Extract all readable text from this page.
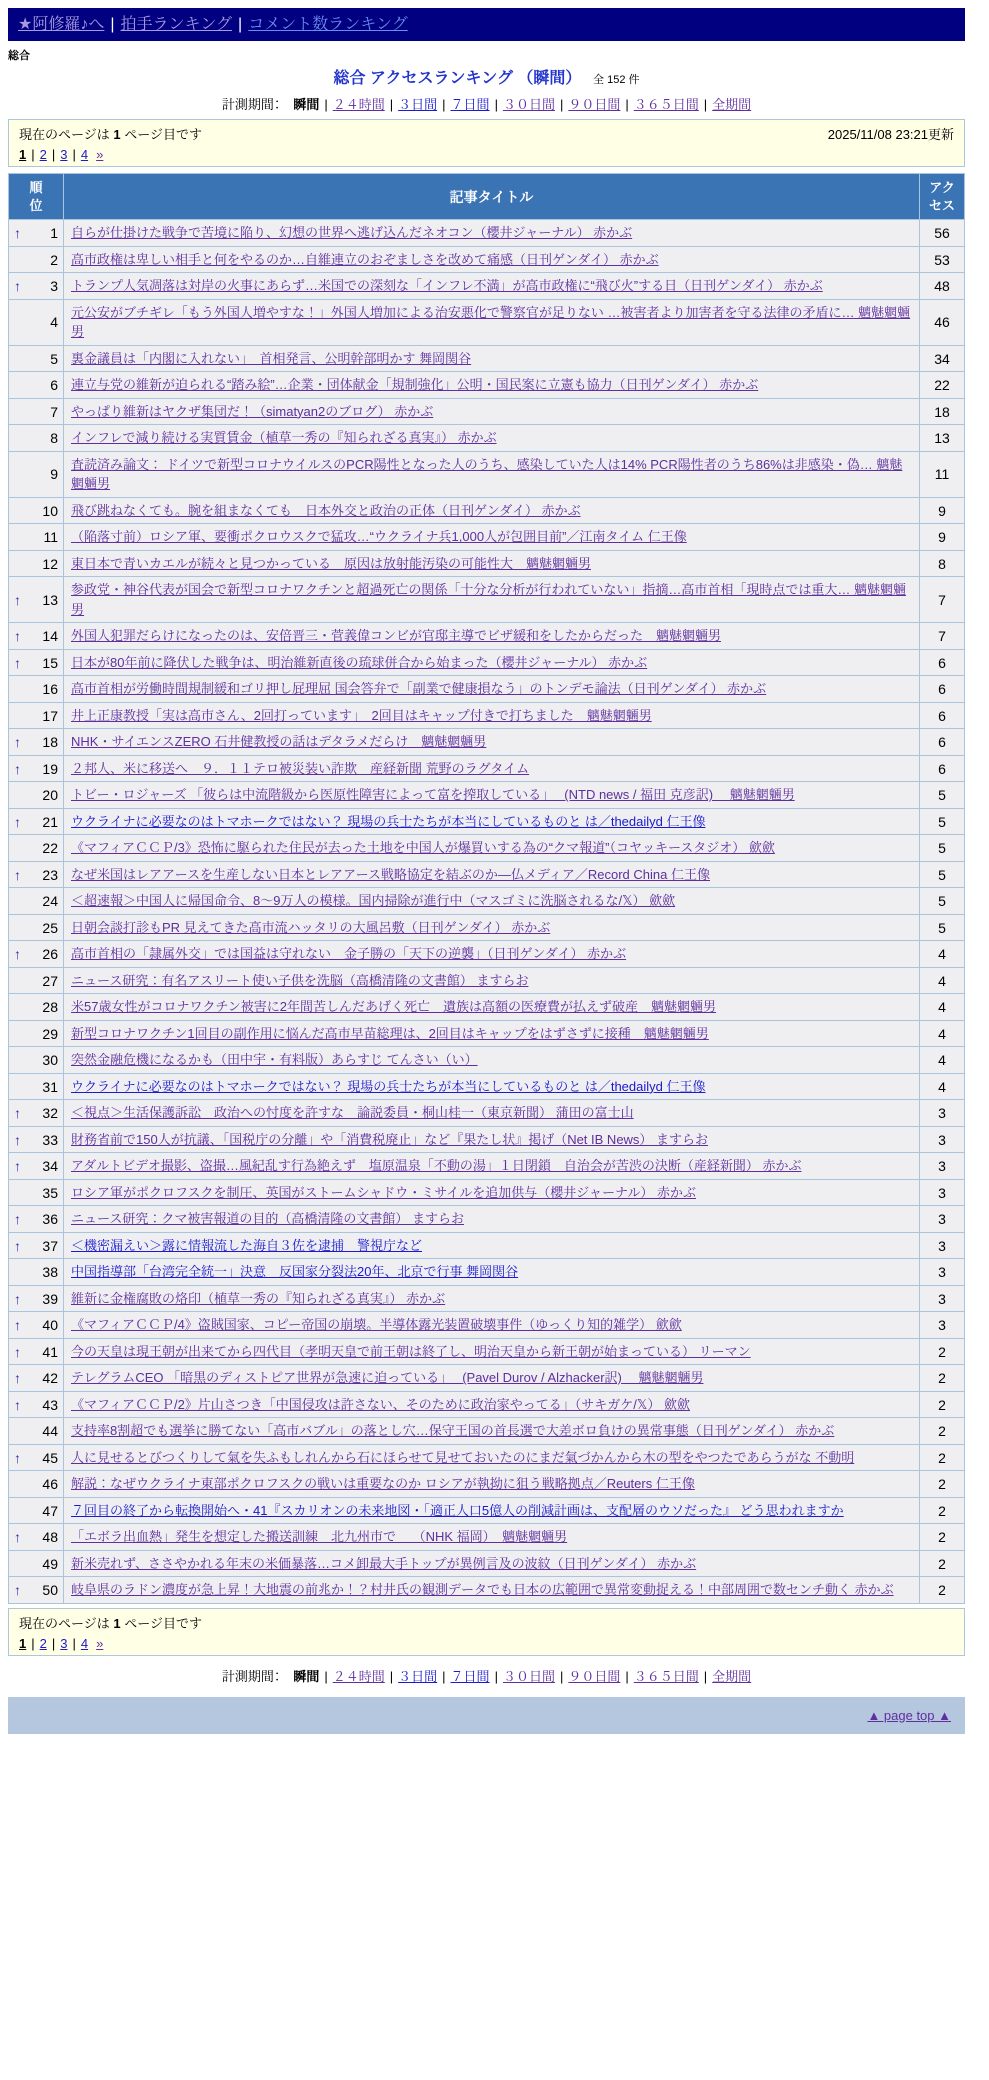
★阿修羅♪へ | 拍手ランキング | コメント数ランキング
総合
総合 アクセスランキング （瞬間） 全 152 件
計測期間：　瞬間 | ２４時間 | ３日間 | ７日間 | ３０日間 | ９０日間 | ３６５日間 | 全期間
2025/11/08 23:21更新
現在のページは 1 ページ目です
1 | 2 | 3 | 4 »
順位	記事タイトル	アクセス

↑ 1	自らが仕掛けた戦争で苦境に陥り、幻想の世界へ逃げ込んだネオコン（櫻井ジャーナル） 赤かぶ	56

2	高市政権は卑しい相手と何をやるのか…自維連立のおぞましさを改めて痛感（日刊ゲンダイ） 赤かぶ	53

↑ 3	トランプ人気凋落は対岸の火事にあらず…米国での深刻な「インフレ不満」が高市政権に“飛び火”する日（日刊ゲンダイ） 赤かぶ	48

4	元公安がブチギレ「もう外国人増やすな！」外国人増加による治安悪化で警察官が足りない …被害者より加害者を守る法律の矛盾に… 魑魅魍魎男	46

5	裏金議員は「内閣に入れない」　首相発言、公明幹部明かす 舞岡関谷	34

6	連立与党の維新が迫られる“踏み絵”…企業・団体献金「規制強化」公明・国民案に立憲も協力（日刊ゲンダイ） 赤かぶ	22

7	やっぱり維新はヤクザ集団だ！（simatyan2のブログ） 赤かぶ	18

8	インフレで減り続ける実質賃金（植草一秀の『知られざる真実』） 赤かぶ	13

9	査読済み論文： ドイツで新型コロナウイルスのPCR陽性となった人のうち、感染していた人は14% PCR陽性者のうち86%は非感染・偽… 魑魅魍魎男	11

10	飛び跳ねなくても。腕を組まなくても　日本外交と政治の正体（日刊ゲンダイ） 赤かぶ	9

11	（陥落寸前）ロシア軍、要衝ポクロウスクで猛攻…“ウクライナ兵1,000人が包囲目前”／江南タイム 仁王像	9

12	東日本で青いカエルが続々と見つかっている　原因は放射能汚染の可能性大　魑魅魍魎男	8

↑ 13	参政党・神谷代表が国会で新型コロナワクチンと超過死亡の関係「十分な分析が行われていない」指摘…高市首相「現時点では重大… 魑魅魍魎男	7

↑ 14	外国人犯罪だらけになったのは、安倍晋三・菅義偉コンビが官邸主導でビザ緩和をしたからだった　魑魅魍魎男	7

↑ 15	日本が80年前に降伏した戦争は、明治維新直後の琉球併合から始まった（櫻井ジャーナル） 赤かぶ	6

16	高市首相が労働時間規制緩和ゴリ押し屁理屈 国会答弁で「副業で健康損なう」のトンデモ論法（日刊ゲンダイ） 赤かぶ	6

17	井上正康教授「実は高市さん、2回打っています」　2回目はキャップ付きで打ちました　魑魅魍魎男	6

↑ 18	NHK・サイエンスZERO 石井健教授の話はデタラメだらけ　魑魅魍魎男	6

↑ 19	２邦人、米に移送へ　９．１１テロ被災装い詐欺　産経新聞 荒野のラグタイム	6

20	トビー・ロジャーズ 「彼らは中流階級から医原性障害によって富を搾取している」　 (NTD news / 福田 克彦訳)　 魑魅魍魎男	5

↑ 21	ウクライナに必要なのはトマホークではない？ 現場の兵士たちが本当にしているものと は／thedailyd 仁王像	5

22	《マフィアＣＣＰ/3》恐怖に駆られた住民が去った土地を中国人が爆買いする為の“クマ報道”（コヤッキースタジオ） 歛歛	5

↑ 23	なぜ米国はレアアースを生産しない日本とレアアース戦略協定を結ぶのか―仏メディア／Record China 仁王像	5

24	＜超速報＞中国人に帰国命令、8～9万人の模様。国内掃除が進行中（マスゴミに洗脳されるな/𝕏） 歛歛	5

25	日朝会談打診もPR 見えてきた高市流ハッタリの大風呂敷（日刊ゲンダイ） 赤かぶ	5

↑ 26	高市首相の「隷属外交」では国益は守れない　金子勝の「天下の逆襲」（日刊ゲンダイ） 赤かぶ	4

27	ニュース研究：有名アスリート使い子供を洗脳（高橋清隆の文書館） ますらお	4

28	米57歳女性がコロナワクチン被害に2年間苦しんだあげく死亡　遺族は高額の医療費が払えず破産　魑魅魍魎男	4

29	新型コロナワクチン1回目の副作用に悩んだ高市早苗総理は、2回目はキャップをはずさずに接種　魑魅魍魎男	4

30	突然金融危機になるかも（田中宇・有料版）あらすじ てんさい（い）	4

31	ウクライナに必要なのはトマホークではない？ 現場の兵士たちが本当にしているものと は／thedailyd 仁王像	4

↑ 32	＜視点＞生活保護訴訟　政治への忖度を許すな　論説委員・桐山桂一（東京新聞） 蒲田の富士山	3

↑ 33	財務省前で150人が抗議、「国税庁の分離」や「消費税廃止」など『果たし状』掲げ（Net IB News） ますらお	3

↑ 34	アダルトビデオ撮影、盗撮…風紀乱す行為絶えず　塩原温泉「不動の湯」１日閉鎖　自治会が苦渋の決断（産経新聞） 赤かぶ	3

35	ロシア軍がポクロフスクを制圧、英国がストームシャドウ・ミサイルを追加供与（櫻井ジャーナル） 赤かぶ	3

↑ 36	ニュース研究：クマ被害報道の目的（高橋清隆の文書館） ますらお	3

↑ 37	＜機密漏えい＞露に情報流した海自３佐を逮捕　警視庁など	3

38	中国指導部「台湾完全統一」決意　反国家分裂法20年、北京で行事 舞岡関谷	3

↑ 39	維新に金権腐敗の烙印（植草一秀の『知られざる真実』） 赤かぶ	3

↑ 40	《マフィアＣＣＰ/4》盗賊国家、コピー帝国の崩壊。半導体露光装置破壊事件（ゆっくり知的雑学） 歛歛	3

↑ 41	今の天皇は現王朝が出来てから四代目（孝明天皇で前王朝は終了し、明治天皇から新王朝が始まっている） リーマン	2

↑ 42	テレグラムCEO 「暗黒のディストピア世界が急速に迫っている」　 (Pavel Durov / Alzhacker訳)　 魑魅魍魎男	2

↑ 43	《マフィアＣＣＰ/2》片山さつき「中国侵攻は許さない、そのために政治家やってる」（サキガケ/𝕏） 歛歛	2

44	支持率8割超でも選挙に勝てない「高市バブル」の落とし穴…保守王国の首長選で大差ボロ負けの異常事態（日刊ゲンダイ） 赤かぶ	2

↑ 45	人に見せるとびつくりして氣を失ふもしれんから石にほらせて見せておいたのにまだ氣づかんから木の型をやつたであらうがな 不動明	2

46	解説：なぜウクライナ東部ポクロフスクの戦いは重要なのか ロシアが執拗に狙う戦略拠点／Reuters 仁王像	2

47	７回目の終了から転換開始へ・41『スカリオンの未来地図・「適正人口5億人の削減計画は、支配層のウソだった』 どう思われますか	2

↑ 48	「エボラ出血熱」発生を想定した搬送訓練　北九州市で　 （NHK 福岡）　魑魅魍魎男	2

49	新米売れず、ささやかれる年末の米価暴落…コメ卸最大手トップが異例言及の波紋（日刊ゲンダイ） 赤かぶ	2

↑ 50	岐阜県のラドン濃度が急上昇！大地震の前兆か！？村井氏の観測データでも日本の広範囲で異常変動捉える！中部周囲で数センチ動く 赤かぶ	2
現在のページは 1 ページ目です
1 | 2 | 3 | 4 »
計測期間：　瞬間 | ２４時間 | ３日間 | ７日間 | ３０日間 | ９０日間 | ３６５日間 | 全期間
▲ page top ▲
